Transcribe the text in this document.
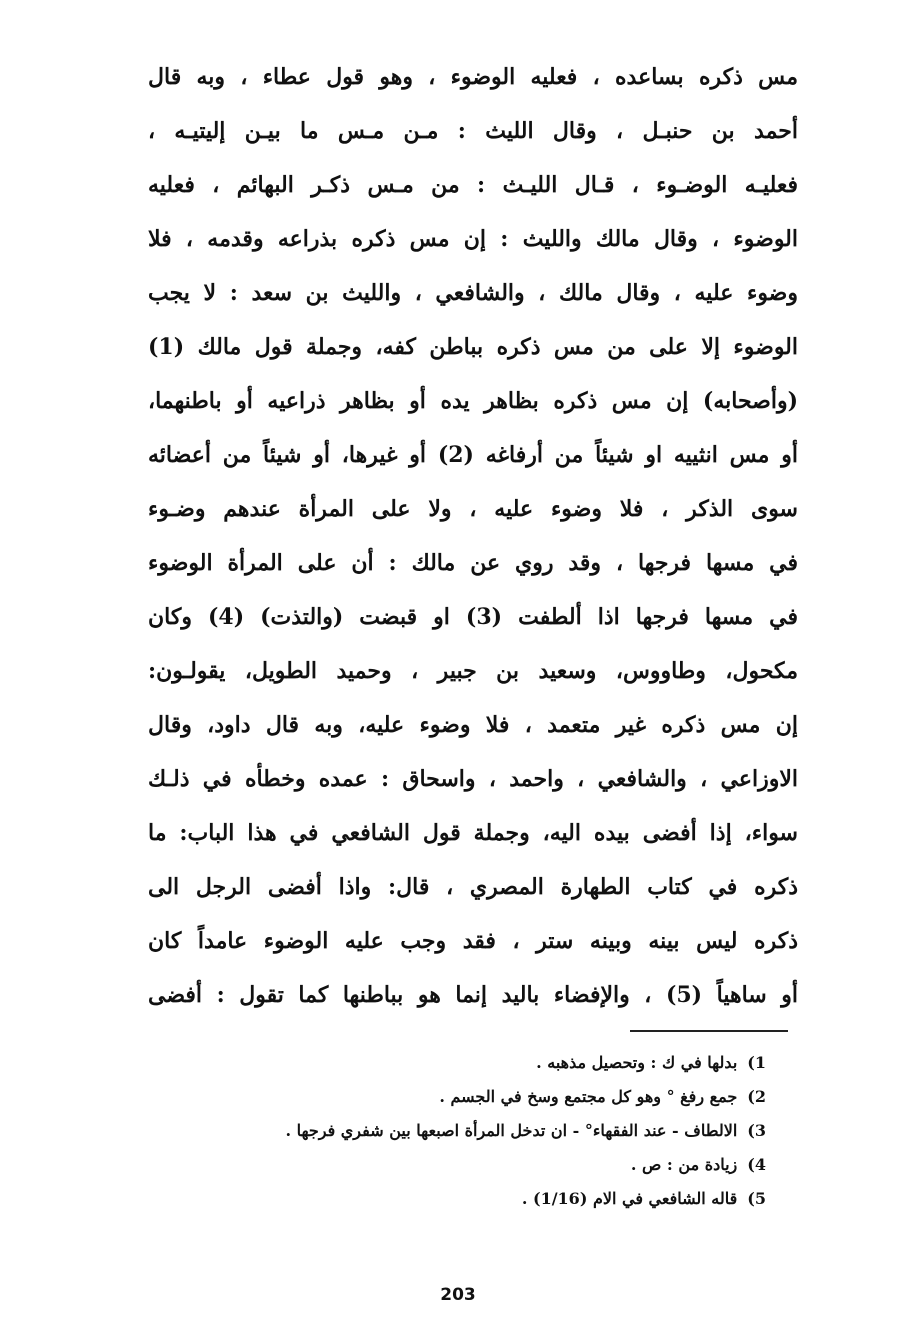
مس ذكره بساعده ، فعليه الوضوء ، وهو قول عطاء ، وبه قال
أحمد بن حنبـل ، وقال الليث : مـن مـس ما بيـن إليتيـه ،
فعليـه الوضـوء ، قـال الليـث : من مـس ذكـر البهائم ، فعليه
الوضوء ، وقال مالك والليث : إن مس ذكره بذراعه وقدمه ، فلا
وضوء عليه ، وقال مالك ، والشافعي ، والليث بن سعد : لا يجب
الوضوء إلا على من مس ذكره بباطن كفه، وجملة قول مالك (1)
(وأصحابه) إن مس ذكره بظاهر يده أو بظاهر ذراعيه أو باطنهما،
أو مس انثييه او شيئاً من أرفاغه (2) أو غيرها، أو شيئاً من أعضائه
سوى الذكر ، فلا وضوء عليه ، ولا على المرأة عندهم وضـوء
في مسها فرجها ، وقد روي عن مالك : أن على المرأة الوضوء
في مسها فرجها اذا ألطفت (3) او قبضت (والتذت) (4) وكان
مكحول، وطاووس، وسعيد بن جبير ، وحميد الطويل، يقولـون:
إن مس ذكره غير متعمد ، فلا وضوء عليه، وبه قال داود، وقال
الاوزاعي ، والشافعي ، واحمد ، واسحاق : عمده وخطأه في ذلـك
سواء، إذا أفضى بيده اليه، وجملة قول الشافعي في هذا الباب: ما
ذكره في كتاب الطهارة المصري ، قال: واذا أفضى الرجل الى
ذكره ليس بينه وبينه ستر ، فقد وجب عليه الوضوء عامداً كان
أو ساهياً (5) ، والإفضاء باليد إنما هو بباطنها كما تقول : أفضى
1)بدلها في ك : وتحصيل مذهبه .
2)جمع رفغ ° وهو كل مجتمع وسخ في الجسم .
3)الالطاف - عند الفقهاء° - ان تدخل المرأة اصبعها بين شفري فرجها .
4)زيادة من : ص .
5)قاله الشافعي في الام (1/16) .
203
